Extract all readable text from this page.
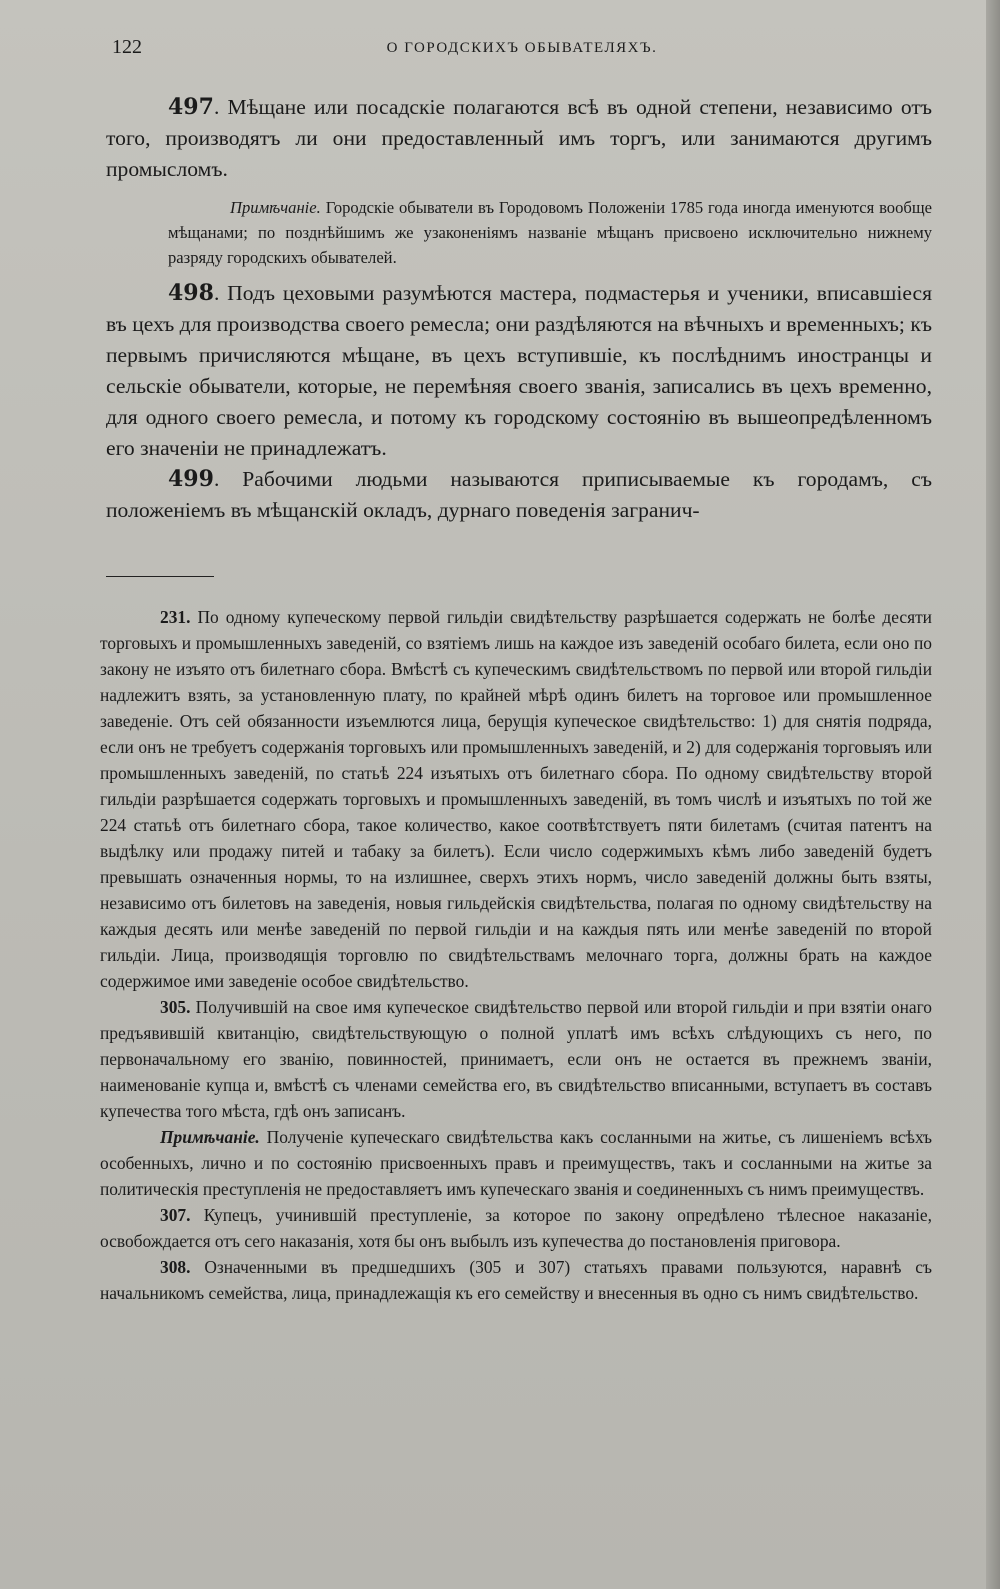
122	О ГОРОДСКИХЪ ОБЫВАТЕЛЯХЪ.

497. Мѣщане или посадскіе полагаются всѣ въ одной степени, независимо отъ того, производятъ ли они предоставленный имъ торгъ, или занимаются другимъ промысломъ.

Примѣчаніе. Городскіе обыватели въ Городовомъ Положеніи 1785 года иногда именуются вообще мѣщанами; по позднѣйшимъ же узаконеніямъ названіе мѣщанъ присвоено исключительно нижнему разряду городскихъ обывателей.

498. Подъ цеховыми разумѣются мастера, подмастерья и ученики, вписавшіеся въ цехъ для производства своего ремесла; они раздѣляются на вѣчныхъ и временныхъ; къ первымъ причисляются мѣщане, въ цехъ вступившіе, къ послѣднимъ иностранцы и сельскіе обыватели, которые, не перемѣняя своего званія, записались въ цехъ временно, для одного своего ремесла, и потому къ городскому состоянію въ вышеопредѣленномъ его значеніи не принадлежатъ.

499. Рабочими людьми называются приписываемые къ городамъ, съ положеніемъ въ мѣщанскій окладъ, дурнаго поведенія загранич-

231. По одному купеческому первой гильдіи свидѣтельству разрѣшается содержать не болѣе десяти торговыхъ и промышленныхъ заведеній, со взятіемъ лишь на каждое изъ заведеній особаго билета, если оно по закону не изъято отъ билетнаго сбора. Вмѣстѣ съ купеческимъ свидѣтельствомъ по первой или второй гильдіи надлежитъ взять, за установленную плату, по крайней мѣрѣ одинъ билетъ на торговое или промышленное заведеніе. Отъ сей обязанности изъемлются лица, берущія купеческое свидѣтельство: 1) для снятія подряда, если онъ не требуетъ содержанія торговыхъ или промышленныхъ заведеній, и 2) для содержанія торговыяъ или промышленныхъ заведеній, по статьѣ 224 изъятыхъ отъ билетнаго сбора. По одному свидѣтельству второй гильдіи разрѣшается содержать торговыхъ и промышленныхъ заведеній, въ томъ числѣ и изъятыхъ по той же 224 статьѣ отъ билетнаго сбора, такое количество, какое соотвѣтствуетъ пяти билетамъ (считая патентъ на выдѣлку или продажу питей и табаку за билетъ). Если число содержимыхъ кѣмъ либо заведеній будетъ превышать означенныя нормы, то на излишнее, сверхъ этихъ нормъ, число заведеній должны быть взяты, независимо отъ билетовъ на заведенія, новыя гильдейскія свидѣтельства, полагая по одному свидѣтельству на каждыя десять или менѣе заведеній по первой гильдіи и на каждыя пять или менѣе заведеній по второй гильдіи. Лица, производящія торговлю по свидѣтельствамъ мелочнаго торга, должны брать на каждое содержимое ими заведеніе особое свидѣтельство.

305. Получившій на свое имя купеческое свидѣтельство первой или второй гильдіи и при взятіи онаго предъявившій квитанцію, свидѣтельствующую о полной уплатѣ имъ всѣхъ слѣдующихъ съ него, по первоначальному его званію, повинностей, принимаетъ, если онъ не остается въ прежнемъ званіи, наименованіе купца и, вмѣстѣ съ членами семейства его, въ свидѣтельство вписанными, вступаетъ въ составъ купечества того мѣста, гдѣ онъ записанъ.

Примѣчаніе. Полученіе купеческаго свидѣтельства какъ сосланными на житье, съ лишеніемъ всѣхъ особенныхъ, лично и по состоянію присвоенныхъ правъ и преимуществъ, такъ и сосланными на житье за политическія преступленія не предоставляетъ имъ купеческаго званія и соединенныхъ съ нимъ преимуществъ.

307. Купецъ, учинившій преступленіе, за которое по закону опредѣлено тѣлесное наказаніе, освобождается отъ сего наказанія, хотя бы онъ выбылъ изъ купечества до постановленія приговора.

308. Означенными въ предшедшихъ (305 и 307) статьяхъ правами пользуются, наравнѣ съ начальникомъ семейства, лица, принадлежащія къ его семейству и внесенныя въ одно съ нимъ свидѣтельство.
